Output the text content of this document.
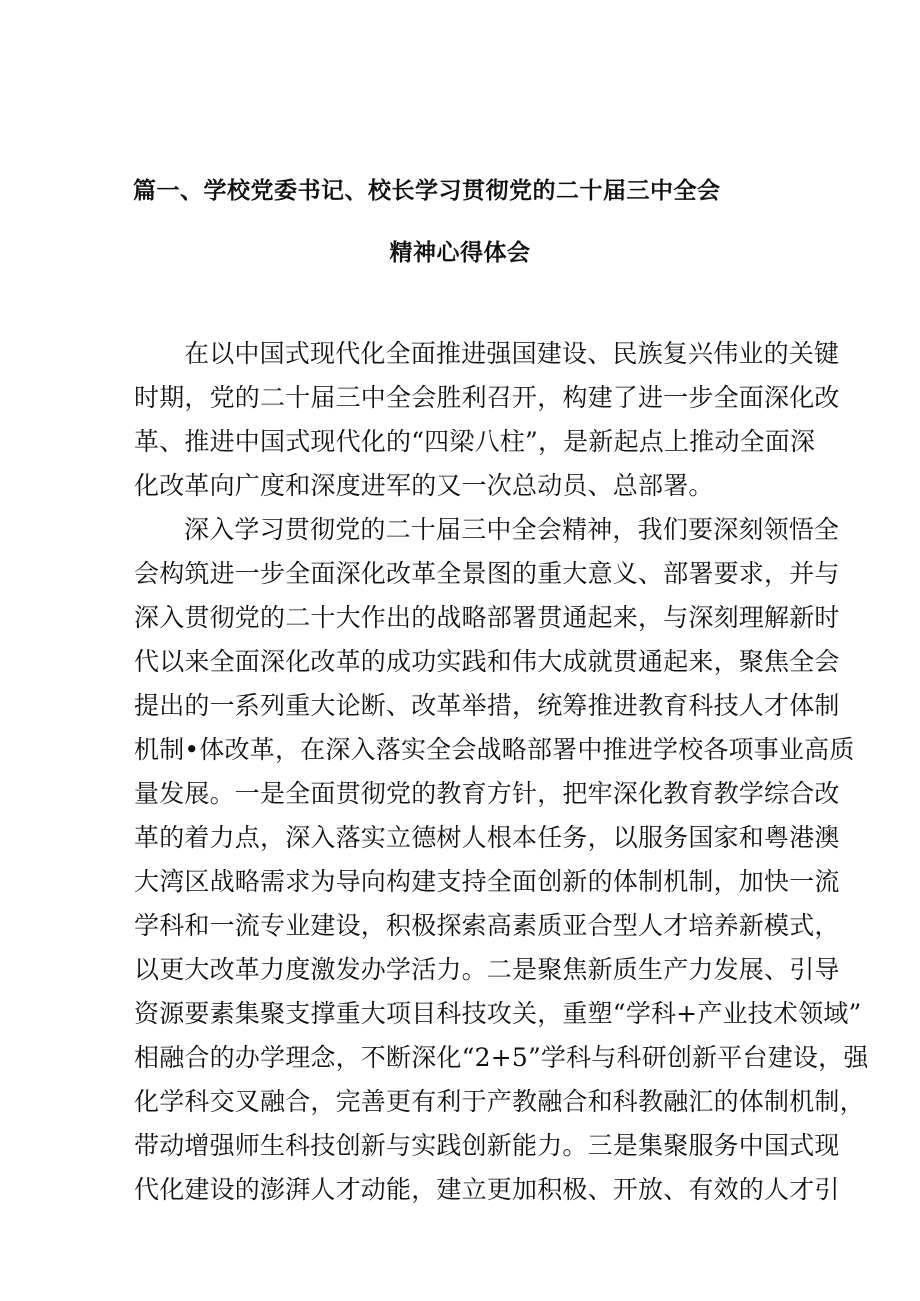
篇一、学校党委书记、校长学习贯彻党的二十届三中全会
精神心得体会
在以中国式现代化全面推进强国建设、民族复兴伟业的关键
时期，党的二十届三中全会胜利召开，构建了进一步全面深化改
革、推进中国式现代化的“四梁八柱”，是新起点上推动全面深
化改革向广度和深度进军的又一次总动员、总部署。
深入学习贯彻党的二十届三中全会精神，我们要深刻领悟全
会构筑进一步全面深化改革全景图的重大意义、部署要求，并与
深入贯彻党的二十大作出的战略部署贯通起来，与深刻理解新时
代以来全面深化改革的成功实践和伟大成就贯通起来，聚焦全会
提出的一系列重大论断、改革举措，统筹推进教育科技人才体制
机制•体改革，在深入落实全会战略部署中推进学校各项事业高质
量发展。一是全面贯彻党的教育方针，把牢深化教育教学综合改
革的着力点，深入落实立德树人根本任务，以服务国家和粤港澳
大湾区战略需求为导向构建支持全面创新的体制机制，加快一流
学科和一流专业建设，积极探索高素质亚合型人才培养新模式，
以更大改革力度激发办学活力。二是聚焦新质生产力发展、引导
资源要素集聚支撑重大项目科技攻关，重塑“学科+产业技术领域”
相融合的办学理念，不断深化“2+5”学科与科研创新平台建设，强
化学科交叉融合，完善更有利于产教融合和科教融汇的体制机制，
带动增强师生科技创新与实践创新能力。三是集聚服务中国式现
代化建设的澎湃人才动能，建立更加积极、开放、有效的人才引
